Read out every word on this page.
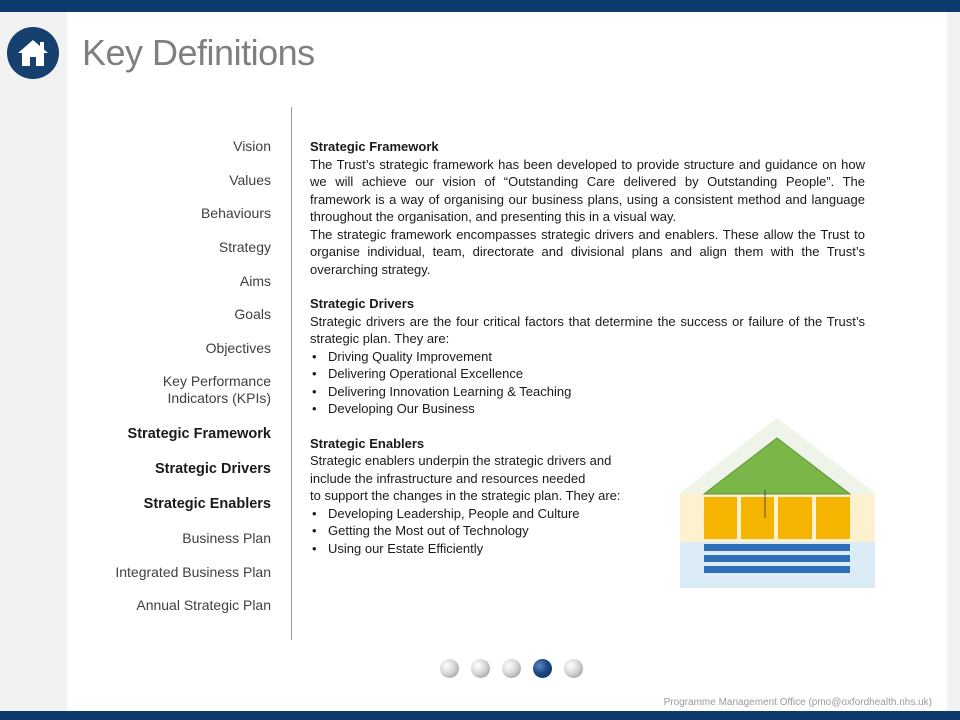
Key Definitions
Vision
Values
Behaviours
Strategy
Aims
Goals
Objectives
Key Performance
Indicators (KPIs)
Strategic Framework
Strategic Drivers
Strategic Enablers
Business Plan
Integrated Business Plan
Annual Strategic Plan
Strategic Framework

The Trust’s strategic framework has been developed to provide structure and guidance on how we will achieve our vision of “Outstanding Care delivered by Outstanding People”. The framework is a way of organising our business plans, using a consistent method and language throughout the organisation, and presenting this in a visual way.

The strategic framework encompasses strategic drivers and enablers. These allow the Trust to organise individual, team, directorate and divisional plans and align them with the Trust’s overarching strategy.

Strategic Drivers

Strategic drivers are the four critical factors that determine the success or failure of the Trust’s strategic plan. They are:

• Driving Quality Improvement
• Delivering Operational Excellence
• Delivering Innovation Learning & Teaching
• Developing Our Business
Strategic Enablers

Strategic enablers underpin the strategic drivers and

include the infrastructure and resources needed

to support the changes in the strategic plan. They are:

• Developing Leadership, People and Culture
• Getting the Most out of Technology
• Using our Estate Efficiently
Programme Management Office (pmo@oxfordhealth.nhs.uk)
